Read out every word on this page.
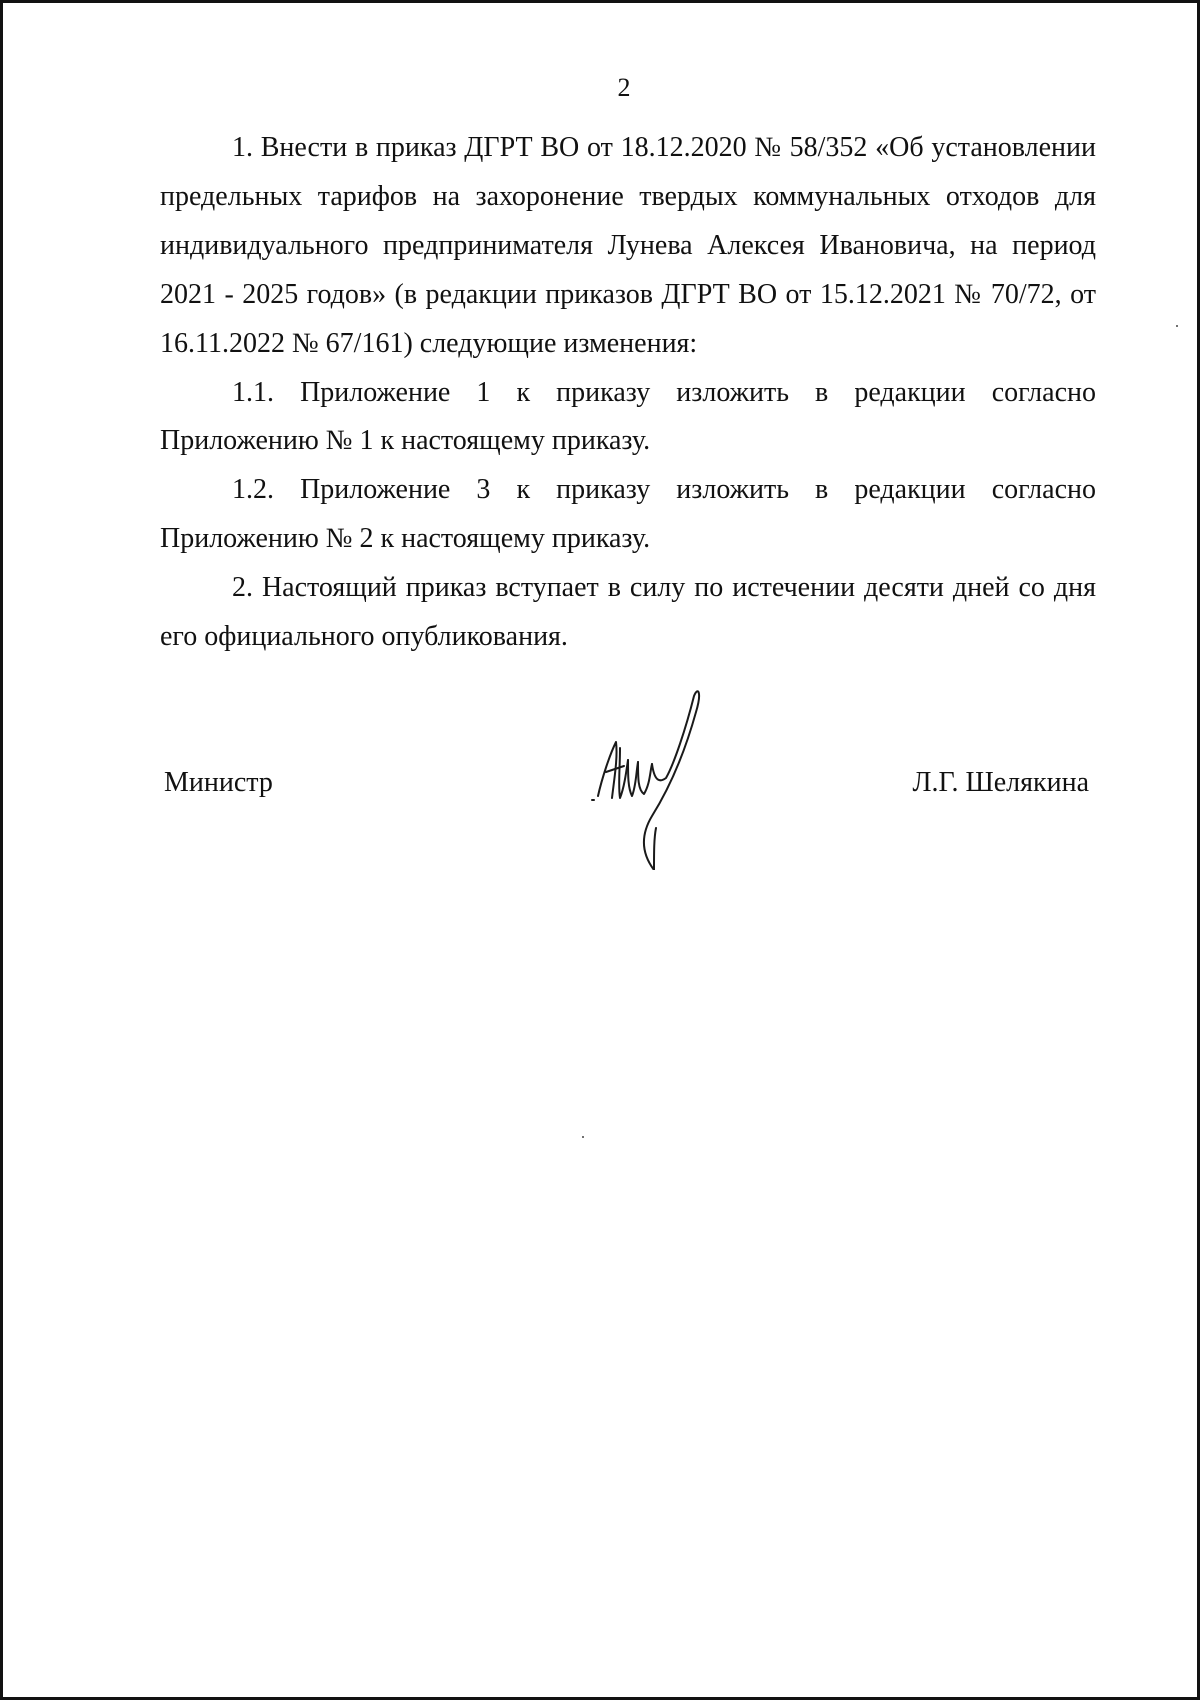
2

1. Внести в приказ ДГРТ ВО от 18.12.2020 № 58/352 «Об установлении предельных тарифов на захоронение твердых коммунальных отходов для индивидуального предпринимателя Лунева Алексея Ивановича, на период 2021 - 2025 годов» (в редакции приказов ДГРТ ВО от 15.12.2021 № 70/72, от 16.11.2022 № 67/161) следующие изменения:

1.1. Приложение 1 к приказу изложить в редакции согласно Приложению № 1 к настоящему приказу.

1.2. Приложение 3 к приказу изложить в редакции согласно Приложению № 2 к настоящему приказу.

2. Настоящий приказ вступает в силу по истечении десяти дней со дня его официального опубликования.

Министр	Л.Г. Шелякина
